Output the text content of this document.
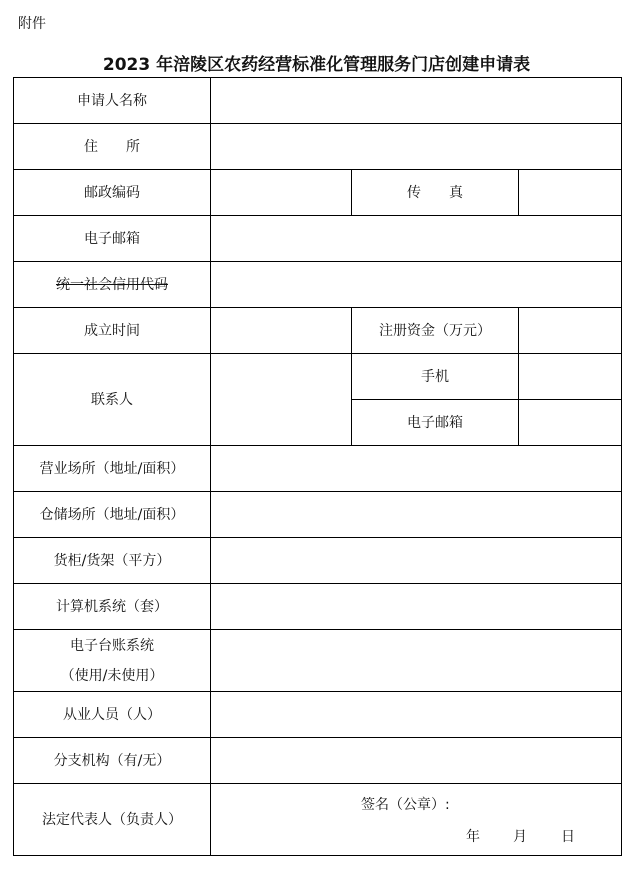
附件
2023 年涪陵区农药经营标准化管理服务门店创建申请表
申请人名称			
住　　所			
邮政编码		传　　真	
电子邮箱			
统一社会信用代码			
成立时间		注册资金（万元）	
联系人		手机	
		电子邮箱	
营业场所（地址/面积）			
仓储场所（地址/面积）			
货柜/货架（平方）			
计算机系统（套）			

电子台账系统
（使用/未使用）			

从业人员（人）			
分支机构（有/无）			
法定代表人（负责人）	签名（公章）:
年 月 日		
